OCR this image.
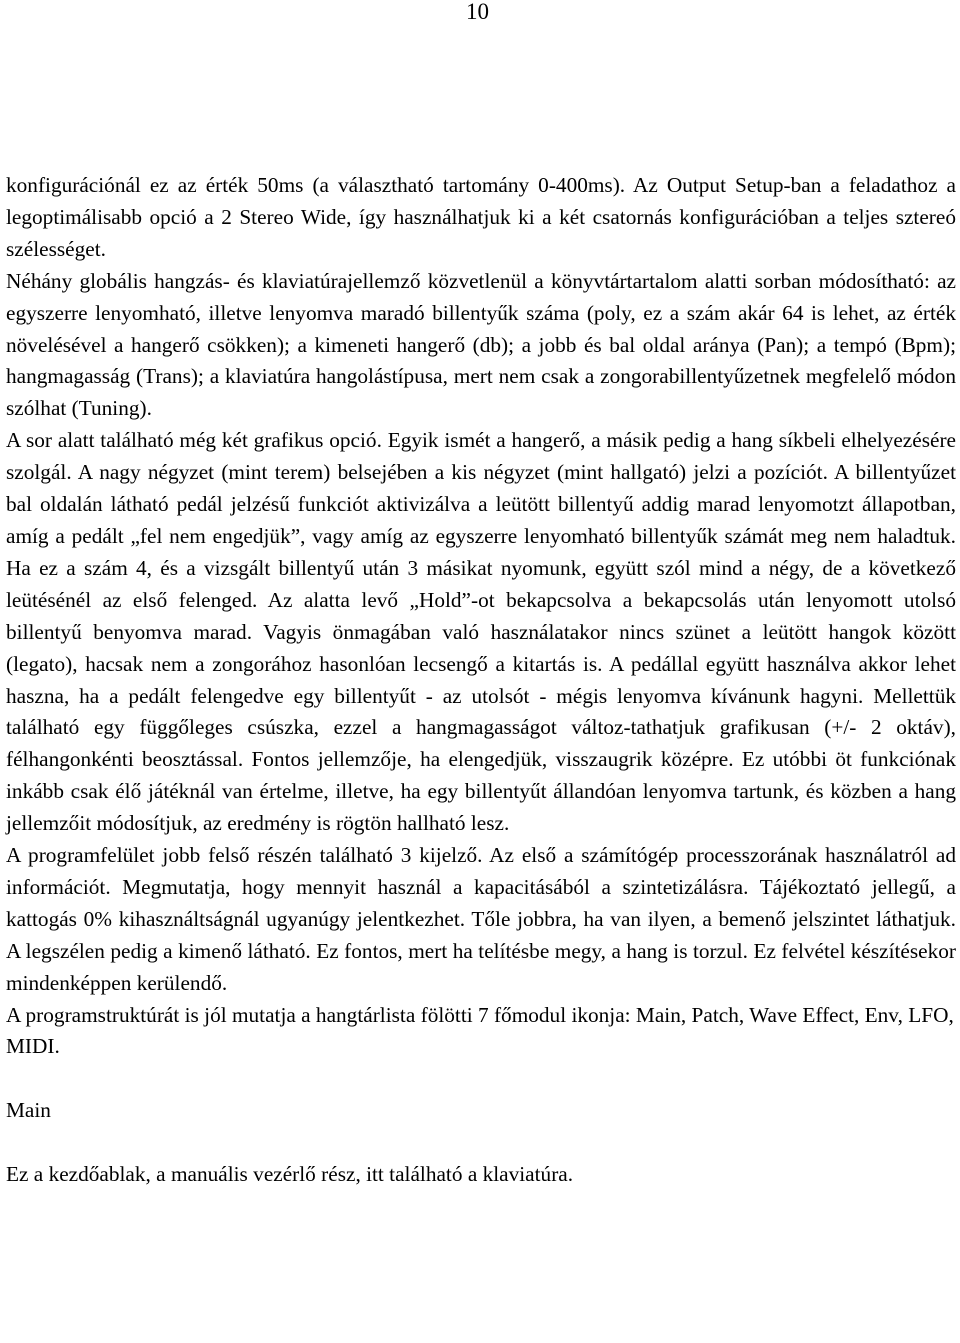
10

konfigurációnál ez az érték 50ms (a választható tartomány 0-400ms). Az Output Setup-ban a feladathoz a legoptimálisabb opció a 2 Stereo Wide, így használhatjuk ki a két csatornás konfigurációban a teljes sztereó szélességet.

Néhány globális hangzás- és klaviatúrajellemző közvetlenül a könyvtártartalom alatti sorban módosítható: az egyszerre lenyomható, illetve lenyomva maradó billentyűk száma (poly, ez a szám akár 64 is lehet, az érték növelésével a hangerő csökken); a kimeneti hangerő (db); a jobb és bal oldal aránya (Pan); a tempó (Bpm); hangmagasság (Trans); a klaviatúra hangolástípusa, mert nem csak a zongorabillentyűzetnek megfelelő módon szólhat (Tuning).

A sor alatt található még két grafikus opció. Egyik ismét a hangerő, a másik pedig a hang síkbeli elhelyezésére szolgál. A nagy négyzet (mint terem) belsejében a kis négyzet (mint hallgató) jelzi a pozíciót. A billentyűzet bal oldalán látható pedál jelzésű funkciót aktivizálva a leütött billentyű addig marad lenyomotzt állapotban, amíg a pedált „fel nem engedjük”, vagy amíg az egyszerre lenyomható billentyűk számát meg nem haladtuk. Ha ez a szám 4, és a vizsgált billentyű után 3 másikat nyomunk, együtt szól mind a négy, de a következő leütésénél az első felenged. Az alatta levő „Hold”-ot bekapcsolva a bekapcsolás után lenyomott utolsó billentyű benyomva marad. Vagyis önmagában való használatakor nincs szünet a leütött hangok között (legato), hacsak nem a zongorához hasonlóan lecsengő a kitartás is. A pedállal együtt használva akkor lehet haszna, ha a pedált felengedve egy billentyűt - az utolsót - mégis lenyomva kívánunk hagyni. Mellettük található egy függőleges csúszka, ezzel a hangmagasságot változ-tathatjuk grafikusan (+/- 2 oktáv), félhangonkénti beosztással. Fontos jellemzője, ha elengedjük, visszaugrik középre. Ez utóbbi öt funkciónak inkább csak élő játéknál van értelme, illetve, ha egy billentyűt állandóan lenyomva tartunk, és közben a hang jellemzőit módosítjuk, az eredmény is rögtön hallható lesz.

A programfelület jobb felső részén található 3 kijelző. Az első a számítógép processzorának használatról ad információt. Megmutatja, hogy mennyit használ a kapacitásából a szintetizálásra. Tájékoztató jellegű, a kattogás 0% kihasználtságnál ugyanúgy jelentkezhet. Tőle jobbra, ha van ilyen, a bemenő jelszintet láthatjuk. A legszélen pedig a kimenő látható. Ez fontos, mert ha telítésbe megy, a hang is torzul. Ez felvétel készítésekor mindenképpen kerülendő.

A programstruktúrát is jól mutatja a hangtárlista fölötti 7 főmodul ikonja: Main, Patch, Wave Effect, Env, LFO, MIDI.

Main

Ez a kezdőablak, a manuális vezérlő rész, itt található a klaviatúra.
